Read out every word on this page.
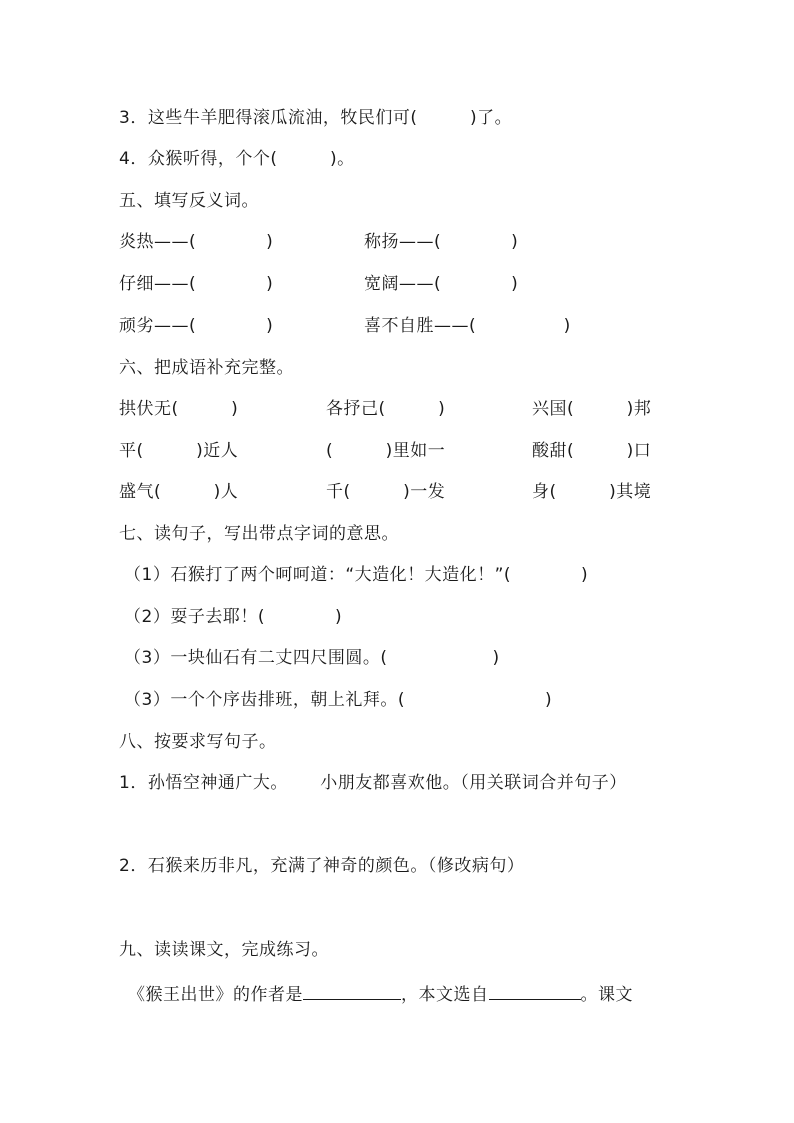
3．这些牛羊肥得滚瓜流油，牧民们可(　　　)了。
4．众猴听得，个个(　　　)。
五、填写反义词。
炎热——(　　　　)	称扬——(　　　　)
仔细——(　　　　)	宽阔——(　　　　)
顽劣——(　　　　)	喜不自胜——(　　　　　)
六、把成语补充完整。
拱伏无(　　　)	各抒己(　　　)	兴国(　　　)邦
平(　　　)近人	(　　　)里如一	酸甜(　　　)口
盛气(　　　)人	千(　　　)一发	身(　　　)其境
七、读句子，写出带点字词的意思。
（1）石猴打了两个呵呵道：“大造化！大造化！”(　　　　)
（2）耍子去耶！(　　　　)
（3）一块仙石有二丈四尺围圆。(　　　　　　)
（3）一个个序齿排班，朝上礼拜。(　　　　　　　　)
八、按要求写句子。
1．孙悟空神通广大。　　 小朋友都喜欢他。（用关联词合并句子）
2．石猴来历非凡，充满了神奇的颜色。（修改病句）
九、读读课文，完成练习。
　《猴王出世》的作者是	，本文选自	。课文
